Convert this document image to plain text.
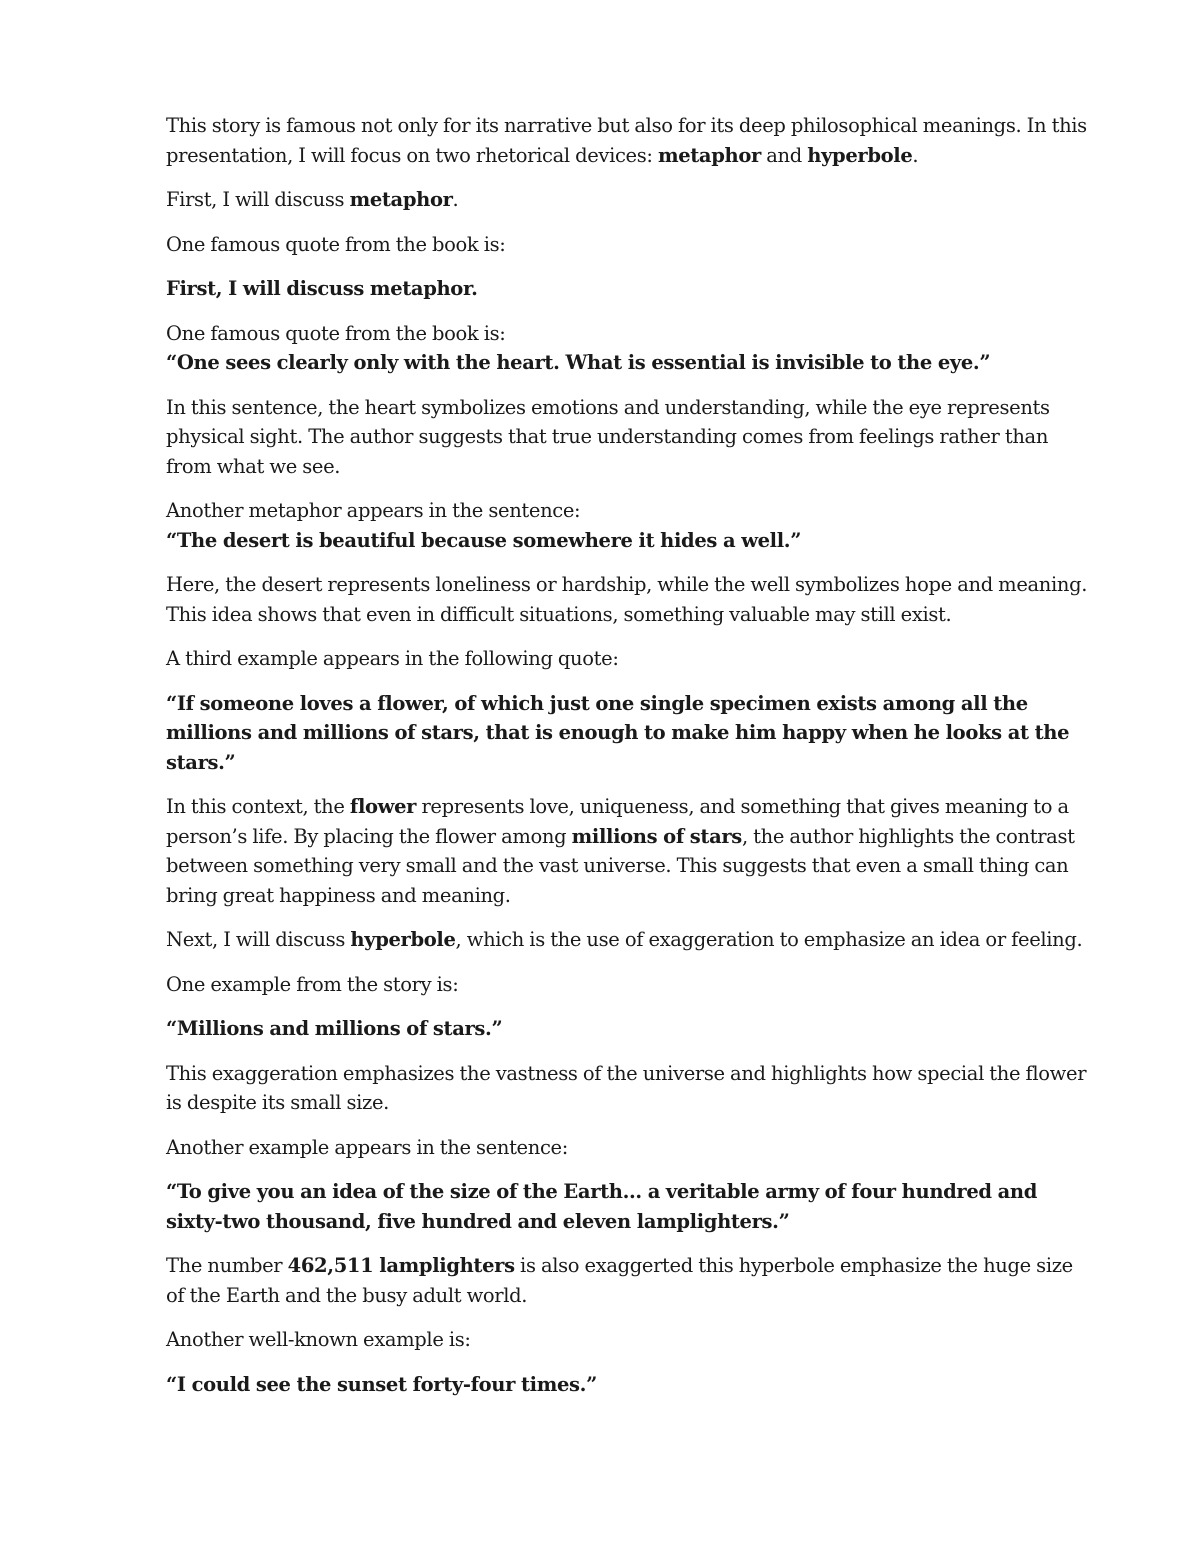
This story is famous not only for its narrative but also for its deep philosophical meanings. In this presentation, I will focus on two rhetorical devices: metaphor and hyperbole.

First, I will discuss metaphor.

One famous quote from the book is:

First, I will discuss metaphor.

One famous quote from the book is:

“One sees clearly only with the heart. What is essential is invisible to the eye.”

In this sentence, the heart symbolizes emotions and understanding, while the eye represents physical sight. The author suggests that true understanding comes from feelings rather than from what we see.

Another metaphor appears in the sentence:

“The desert is beautiful because somewhere it hides a well.”

Here, the desert represents loneliness or hardship, while the well symbolizes hope and meaning. This idea shows that even in difficult situations, something valuable may still exist.

A third example appears in the following quote:

“If someone loves a flower, of which just one single specimen exists among all the millions and millions of stars, that is enough to make him happy when he looks at the stars.”

In this context, the flower represents love, uniqueness, and something that gives meaning to a person’s life. By placing the flower among millions of stars, the author highlights the contrast between something very small and the vast universe. This suggests that even a small thing can bring great happiness and meaning.

Next, I will discuss hyperbole, which is the use of exaggeration to emphasize an idea or feeling.

One example from the story is:

“Millions and millions of stars.”

This exaggeration emphasizes the vastness of the universe and highlights how special the flower is despite its small size.

Another example appears in the sentence:

“To give you an idea of the size of the Earth… a veritable army of four hundred and sixty-two thousand, five hundred and eleven lamplighters.”

The number 462,511 lamplighters is also exaggerted this hyperbole emphasize the huge size of the Earth and the busy adult world.

Another well-known example is:

“I could see the sunset forty-four times.”
